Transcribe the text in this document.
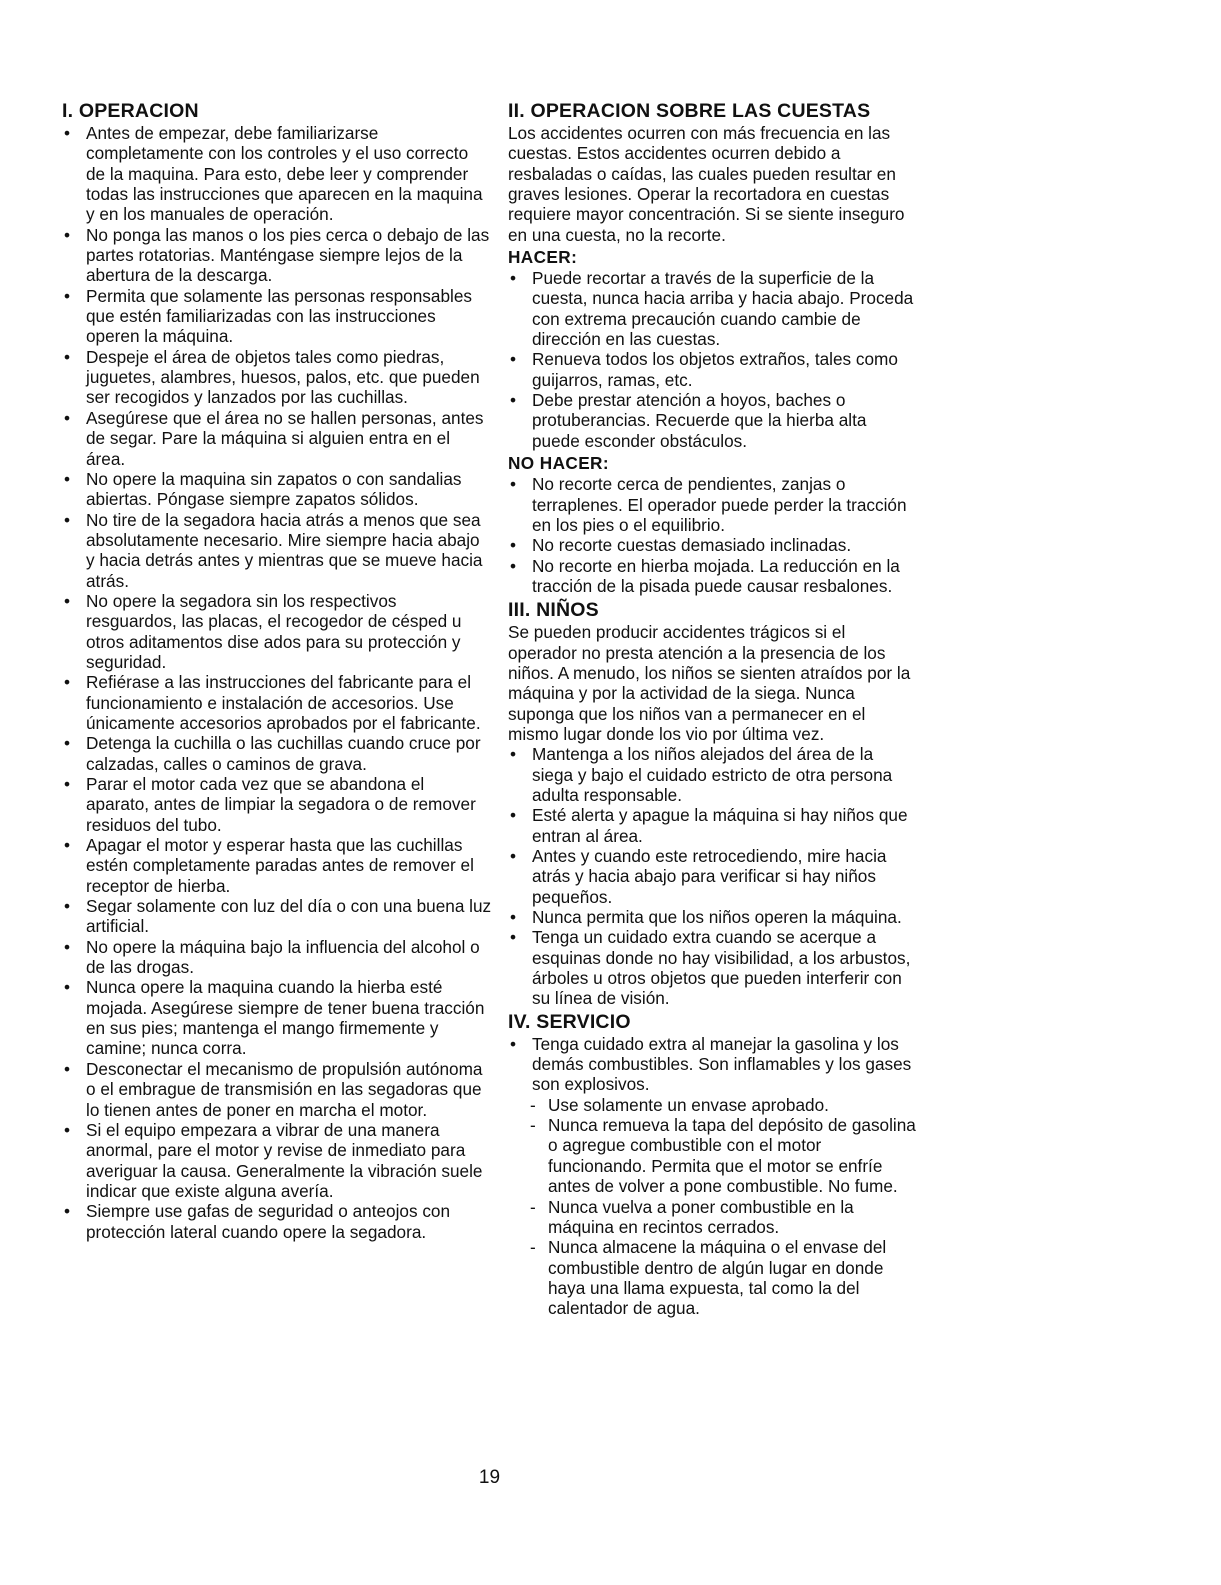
I. OPERACION
• Antes de empezar, debe familiarizarse completamente con los controles y el uso correcto de la maquina. Para esto, debe leer y comprender todas las instrucciones que aparecen en la maquina y en los manuales de operación.
• No ponga las manos o los pies cerca o debajo de las partes rotatorias. Manténgase siempre lejos de la abertura de la descarga.
• Permita que solamente las personas responsables que estén familiarizadas con las instrucciones operen la máquina.
• Despeje el área de objetos tales como piedras, juguetes, alambres, huesos, palos, etc. que pueden ser recogidos y lanzados por las cuchillas.
• Asegúrese que el área no se hallen personas, antes de segar. Pare la máquina si alguien entra en el área.
• No opere la maquina sin zapatos o con sandalias abiertas. Póngase siempre zapatos sólidos.
• No tire de la segadora hacia atrás a menos que sea absolutamente necesario. Mire siempre hacia abajo y hacia detrás antes y mientras que se mueve hacia atrás.
• No opere la segadora sin los respectivos resguardos, las placas, el recogedor de césped u otros aditamentos dise ados para su protección y seguridad.
• Refiérase a las instrucciones del fabricante para el funcionamiento e instalación de accesorios. Use únicamente accesorios aprobados por el fabricante.
• Detenga la cuchilla o las cuchillas cuando cruce por calzadas, calles o caminos de grava.
• Parar el motor cada vez que se abandona el aparato, antes de limpiar la segadora o de remover residuos del tubo.
• Apagar el motor y esperar hasta que las cuchillas estén completamente paradas antes de remover el receptor de hierba.
• Segar solamente con luz del día o con una buena luz artificial.
• No opere la máquina bajo la influencia del alcohol o de las drogas.
• Nunca opere la maquina cuando la hierba esté mojada. Asegúrese siempre de tener buena tracción en sus pies; mantenga el mango firmemente y camine; nunca corra.
• Desconectar el mecanismo de propulsión autónoma o el embrague de transmisión en las segadoras que lo tienen antes de poner en marcha el motor.
• Si el equipo empezara a vibrar de una manera anormal, pare el motor y revise de inmediato para averiguar la causa. Generalmente la vibración suele indicar que existe alguna avería.
• Siempre use gafas de seguridad o anteojos con protección lateral cuando opere la segadora.
II. OPERACION SOBRE LAS CUESTAS

Los accidentes ocurren con más frecuencia en las cuestas. Estos accidentes ocurren debido a resbaladas o caídas, las cuales pueden resultar en graves lesiones. Operar la recortadora en cuestas requiere mayor concentración. Si se siente inseguro en una cuesta, no la recorte.

HACER:
• Puede recortar a través de la superficie de la cuesta, nunca hacia arriba y hacia abajo. Proceda con extrema precaución cuando cambie de dirección en las cuestas.
• Renueva todos los objetos extraños, tales como guijarros, ramas, etc.
• Debe prestar atención a hoyos, baches o protuberancias. Recuerde que la hierba alta puede esconder obstáculos.
NO HACER:
• No recorte cerca de pendientes, zanjas o terraplenes. El operador puede perder la tracción en los pies o el equilibrio.
• No recorte cuestas demasiado inclinadas.
• No recorte en hierba mojada. La reducción en la tracción de la pisada puede causar resbalones.
III. NIÑOS

Se pueden producir accidentes trágicos si el operador no presta atención a la presencia de los niños. A menudo, los niños se sienten atraídos por la máquina y por la actividad de la siega. Nunca suponga que los niños van a permanecer en el mismo lugar donde los vio por última vez.

• Mantenga a los niños alejados del área de la siega y bajo el cuidado estricto de otra persona adulta responsable.
• Esté alerta y apague la máquina si hay niños que entran al área.
• Antes y cuando este retrocediendo, mire hacia atrás y hacia abajo para verificar si hay niños pequeños.
• Nunca permita que los niños operen la máquina.
• Tenga un cuidado extra cuando se acerque a esquinas donde no hay visibilidad, a los arbustos, árboles u otros objetos que pueden interferir con su línea de visión.
IV. SERVICIO
• Tenga cuidado extra al manejar la gasolina y los demás combustibles. Son inflamables y los gases son explosivos.
- Use solamente un envase aprobado.
- Nunca remueva la tapa del depósito de gasolina o agregue combustible con el motor funcionando. Permita que el motor se enfríe antes de volver a pone combustible. No fume.
- Nunca vuelva a poner combustible en la máquina en recintos cerrados.
- Nunca almacene la máquina o el envase del combustible dentro de algún lugar en donde haya una llama expuesta, tal como la del calentador de agua.
19
